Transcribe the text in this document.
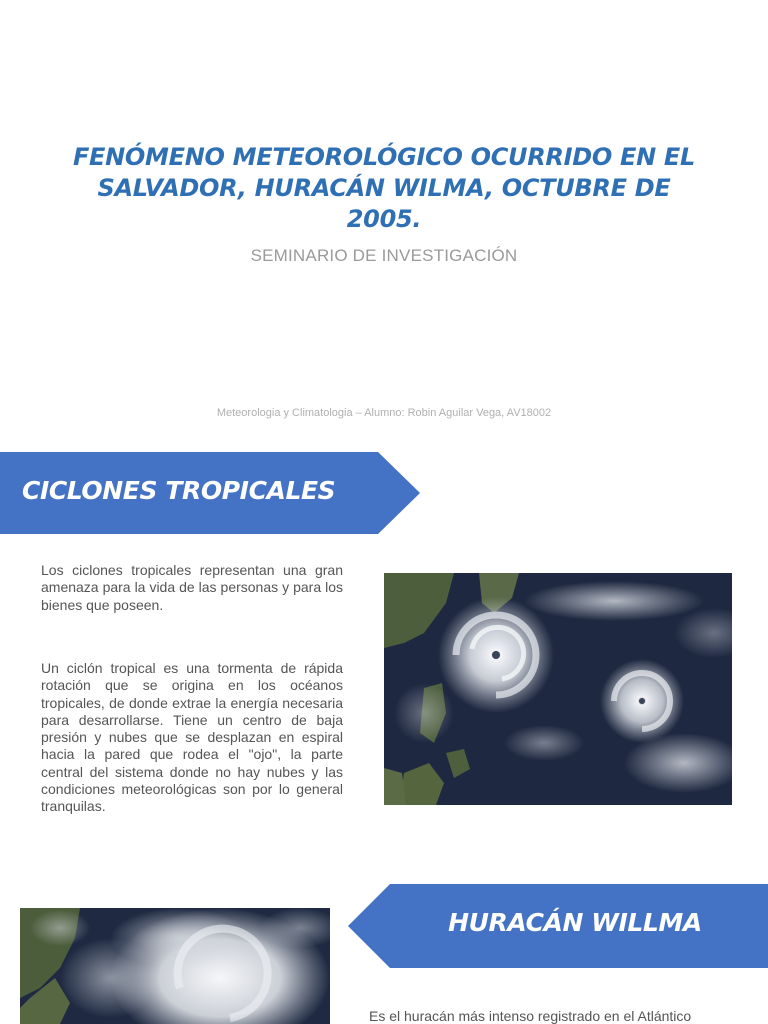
FENÓMENO METEOROLÓGICO OCURRIDO EN EL SALVADOR, HURACÁN WILMA, OCTUBRE DE 2005.

SEMINARIO DE INVESTIGACIÓN

Meteorologia y Climatologia – Alumno: Robin Aguilar Vega, AV18002

CICLONES TROPICALES

Los ciclones tropicales representan una gran amenaza para la vida de las personas y para los bienes que poseen.

Un ciclón tropical es una tormenta de rápida rotación que se origina en los océanos tropicales, de donde extrae la energía necesaria para desarrollarse. Tiene un centro de baja presión y nubes que se desplazan en espiral hacia la pared que rodea el "ojo", la parte central del sistema donde no hay nubes y las condiciones meteorológicas son por lo general tranquilas.

HURACÁN WILLMA

Es el huracán más intenso registrado en el Atlántico
